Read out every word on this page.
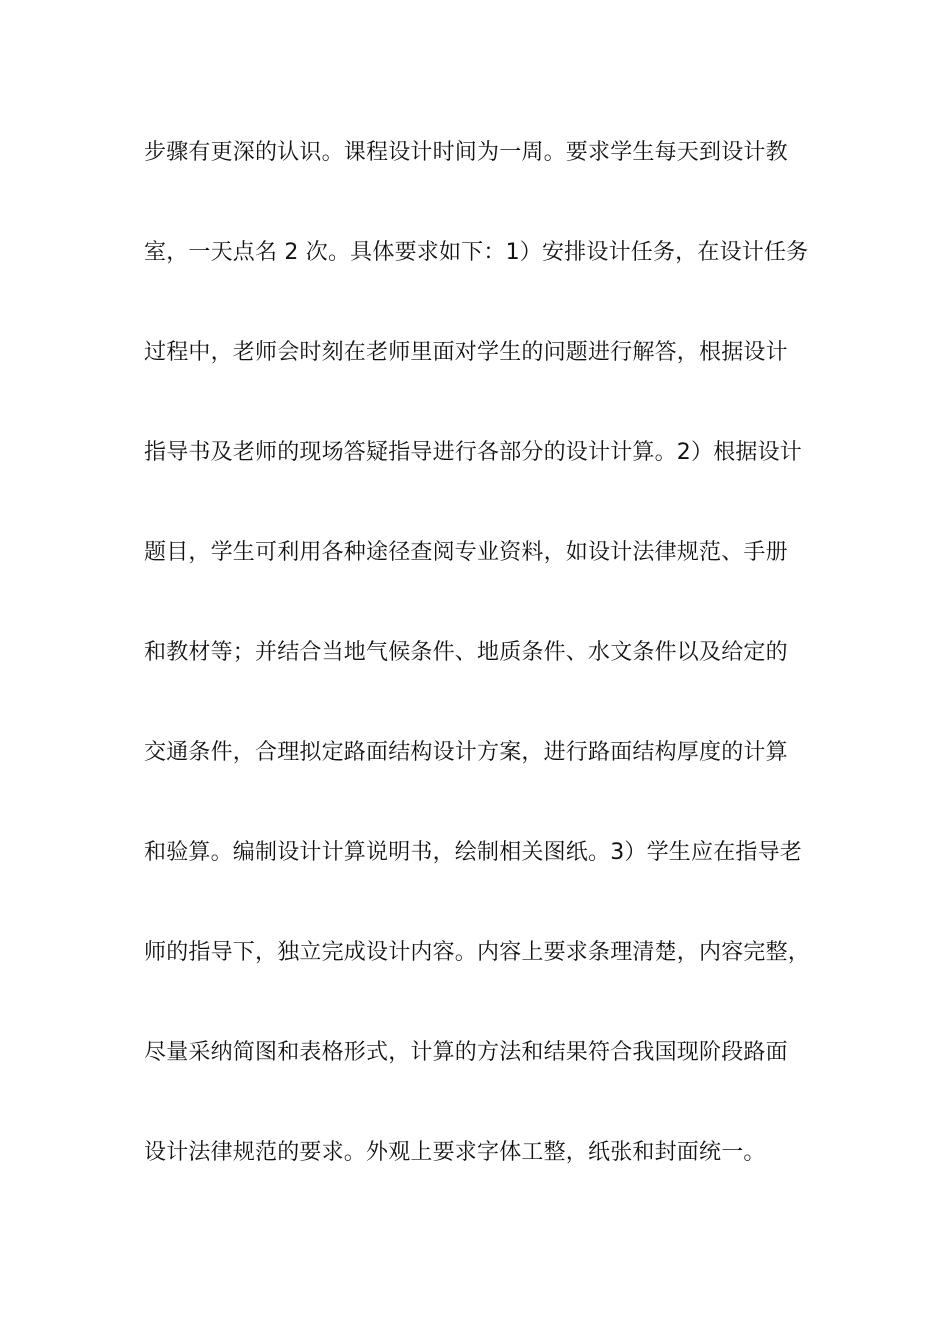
步骤有更深的认识。课程设计时间为一周。要求学生每天到设计教
室，一天点名 2 次。具体要求如下：1）安排设计任务，在设计任务
过程中，老师会时刻在老师里面对学生的问题进行解答，根据设计
指导书及老师的现场答疑指导进行各部分的设计计算。2）根据设计
题目，学生可利用各种途径查阅专业资料，如设计法律规范、手册
和教材等；并结合当地气候条件、地质条件、水文条件以及给定的
交通条件，合理拟定路面结构设计方案，进行路面结构厚度的计算
和验算。编制设计计算说明书，绘制相关图纸。3）学生应在指导老
师的指导下，独立完成设计内容。内容上要求条理清楚，内容完整，
尽量采纳简图和表格形式，计算的方法和结果符合我国现阶段路面
设计法律规范的要求。外观上要求字体工整，纸张和封面统一。
